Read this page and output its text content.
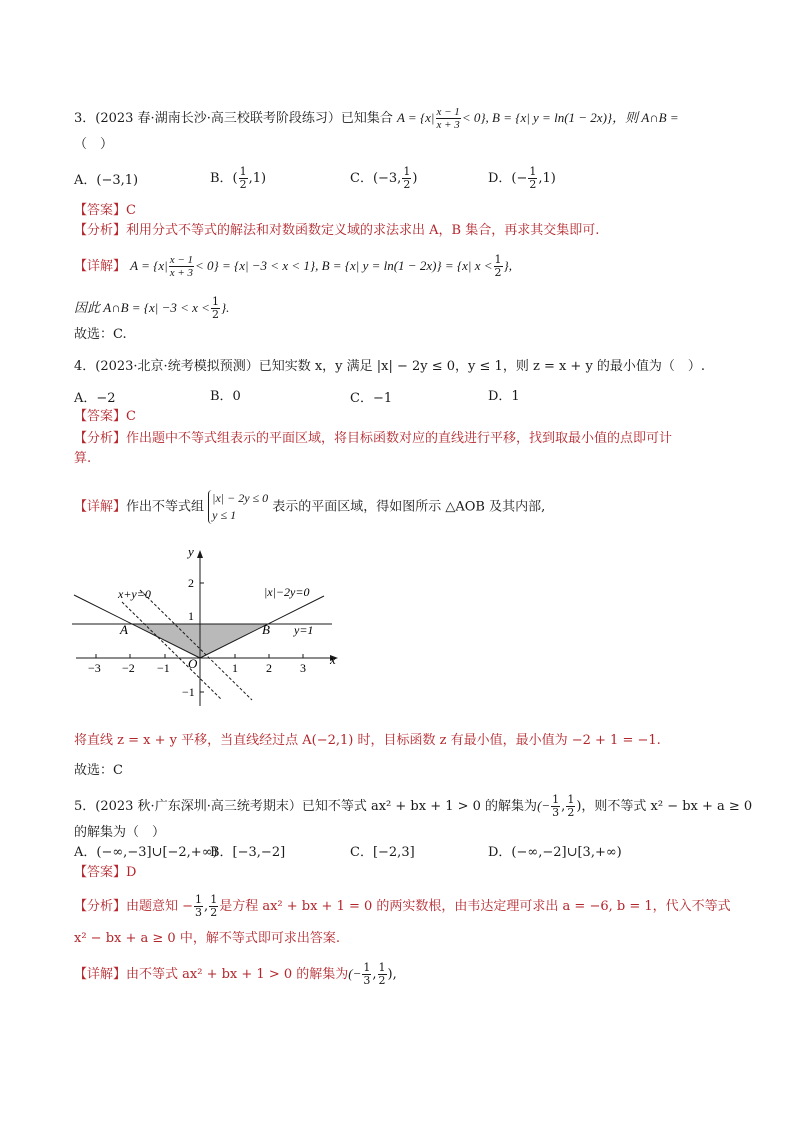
3．(2023 春·湖南长沙·高三校联考阶段练习）已知集合 $A = \{x| \frac{x - 1}{x + 3} < 0\}$, B = {x| y = ln(1 − 2x)}，则 A∩B =
（　）
A．(−3,1)	B．( $\frac{1}{2} ,1$)	C．(−3, $\frac{1}{2}$ )	D．(− $\frac{1}{2} ,1$)
【答案】C
【分析】利用分式不等式的解法和对数函数定义域的求法求出 A，B 集合，再求其交集即可.
【详解】 $A = \{x| \frac{x - 1}{x + 3} < 0\} = \{x| -3 < x < 1\}$, B = {x| y = ln(1 − 2x)} = {x| $x < \frac{1}{2}$ },
因此 A∩B = {$x| -3 < x < \frac{1}{2}$ }.
故选：C.
4．(2023·北京·统考模拟预测）已知实数 x，y 满足 |x| − 2y ≤ 0，y ≤ 1，则 z = x + y 的最小值为（　）.
A．−2	B．0	C．−1	D．1
【答案】C
【分析】作出题中不等式组表示的平面区域，将目标函数对应的直线进行平移，找到取最小值的点即可计
算.
【详解】作出不等式组
|x| − 2y ≤ 0
y ≤ 1
表示的平面区域，得如图所示 △AOB 及其内部,
−3 −2 −1	1 2 3
2
1
−1
y
x
O
A	B
x+y=0	|x|−2y=0
y=1
将直线 z = x + y 平移，当直线经过点 A(−2,1) 时，目标函数 z 有最小值，最小值为 −2 + 1 = −1.
故选：C
5．(2023 秋·广东深圳·高三统考期末）已知不等式 ax² + bx + 1 > 0 的解集为(− $\frac{1}{3}$ , $\frac{1}{2}$ )，则不等式 x² − bx + a ≥ 0
的解集为（　）
A．(−∞,−3]∪[−2,+∞)
B．[−3,−2]	C．[−2,3]	D．(−∞,−2]∪[3,+∞)
【答案】D
【分析】由题意知 − $\frac{1}{3}$ , $\frac{1}{2}$ 是方程 ax² + bx + 1 = 0 的两实数根，由韦达定理可求出 a = −6, b = 1，代入不等式
x² − bx + a ≥ 0 中，解不等式即可求出答案.
【详解】由不等式 ax² + bx + 1 > 0 的解集为(− $\frac{1}{3}$ , $\frac{1}{2}$ ),
